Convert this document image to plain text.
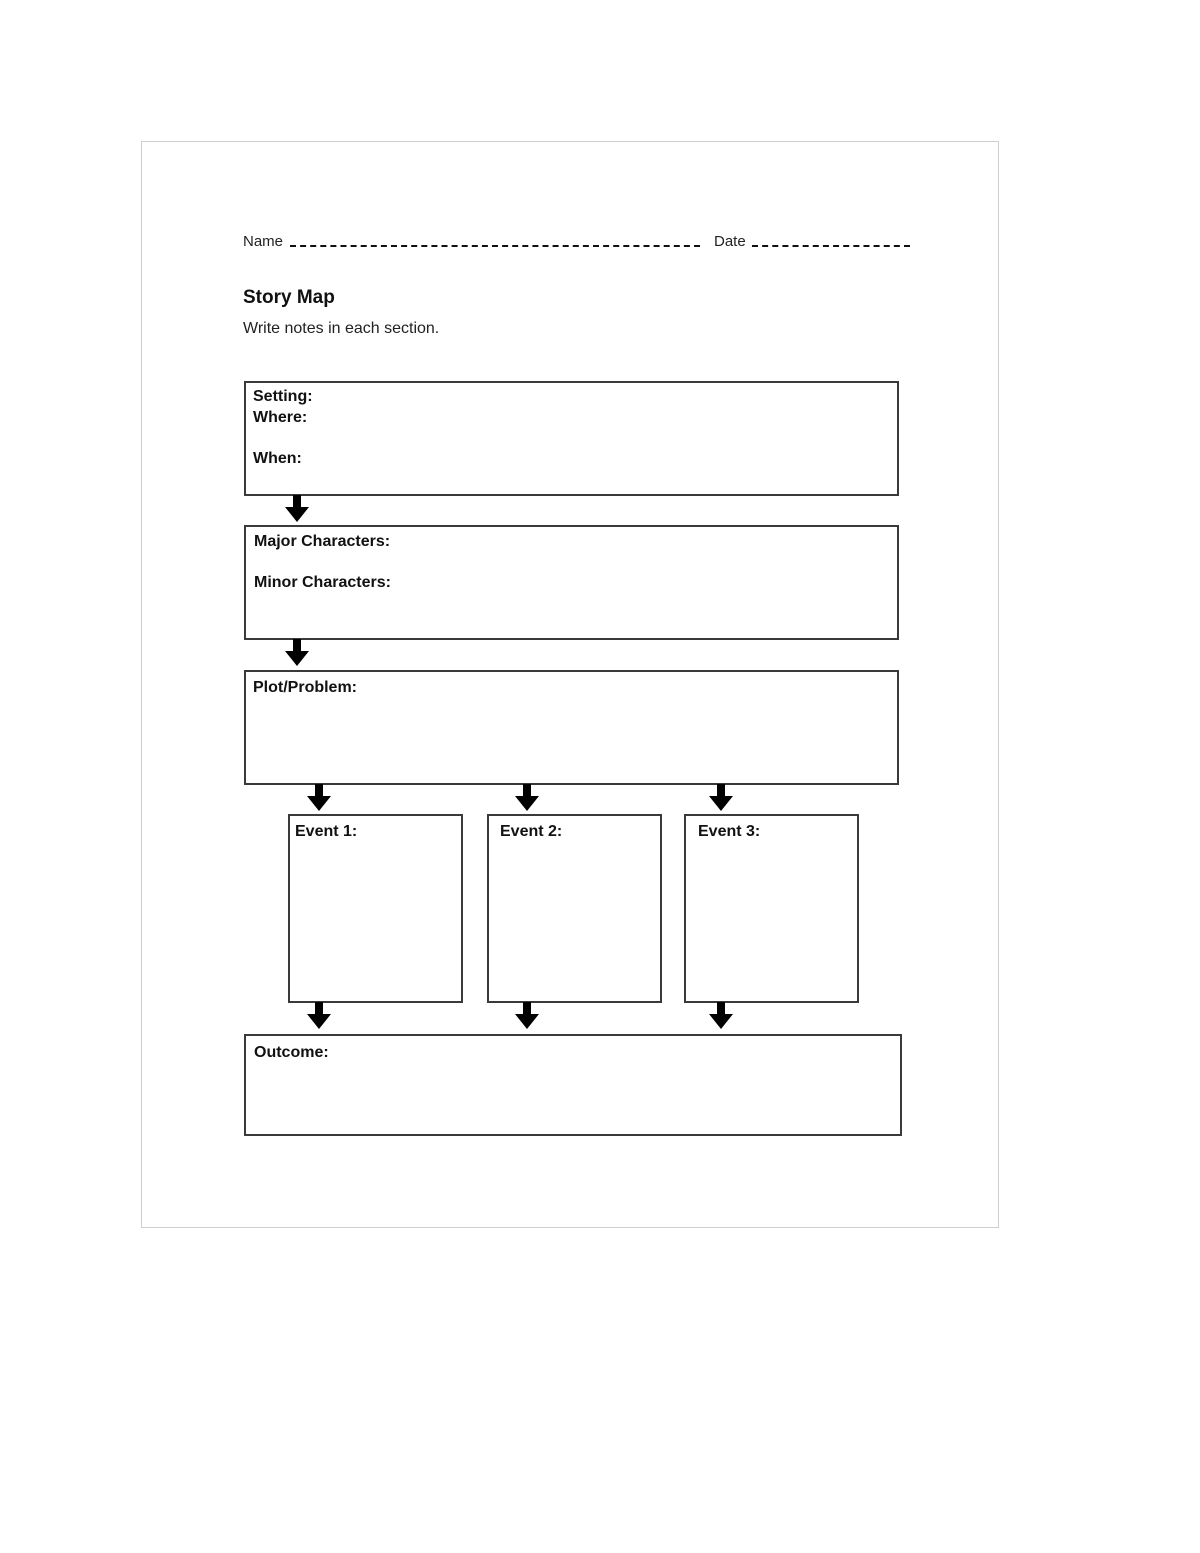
Name	Date
Story Map
Write notes in each section.
Setting:
Where:
When:
Major Characters:
Minor Characters:
Plot/Problem:
Event 1:	Event 2:	Event 3:
Outcome:
